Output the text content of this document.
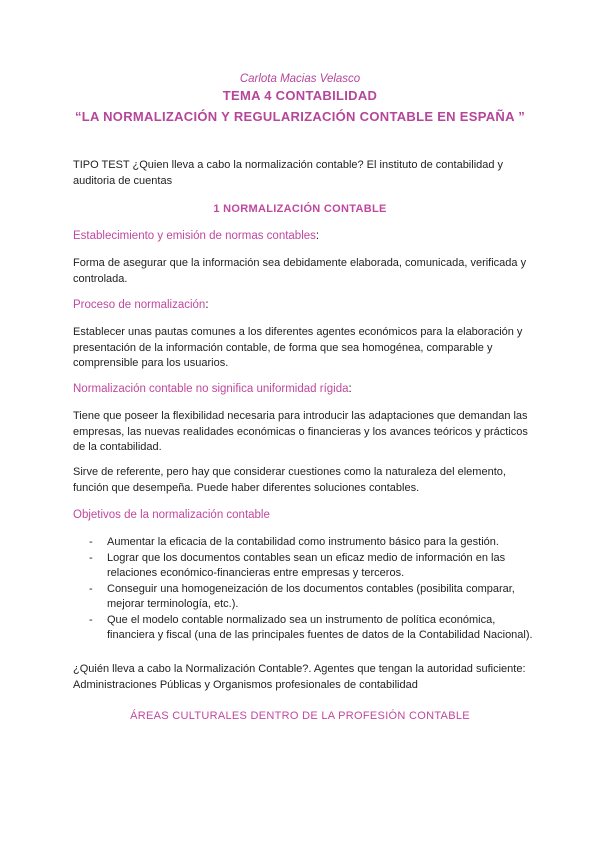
Carlota Macias Velasco
TEMA 4 CONTABILIDAD
“LA NORMALIZACIÓN Y REGULARIZACIÓN CONTABLE EN ESPAÑA ”
TIPO TEST ¿Quien lleva a cabo la normalización contable? El instituto de contabilidad y auditoria de cuentas
1 NORMALIZACIÓN CONTABLE
Establecimiento y emisión de normas contables:
Forma de asegurar que la información sea debidamente elaborada, comunicada, verificada y controlada.
Proceso de normalización:
Establecer unas pautas comunes a los diferentes agentes económicos para la elaboración y presentación de la información contable, de forma que sea homogénea, comparable y comprensible para los usuarios.
Normalización contable no significa uniformidad rígida:
Tiene que poseer la flexibilidad necesaria para introducir las adaptaciones que demandan las empresas, las nuevas realidades económicas o financieras y los avances teóricos y prácticos de la contabilidad.
Sirve de referente, pero hay que considerar cuestiones como la naturaleza del elemento, función que desempeña. Puede haber diferentes soluciones contables.
Objetivos de la normalización contable
- Aumentar la eficacia de la contabilidad como instrumento básico para la gestión.
- Lograr que los documentos contables sean un eficaz medio de información en las relaciones económico-financieras entre empresas y terceros.
- Conseguir una homogeneización de los documentos contables (posibilita comparar, mejorar terminología, etc.).
- Que el modelo contable normalizado sea un instrumento de política económica, financiera y fiscal (una de las principales fuentes de datos de la Contabilidad Nacional).
¿Quién lleva a cabo la Normalización Contable?. Agentes que tengan la autoridad suficiente: Administraciones Públicas y Organismos profesionales de contabilidad
ÁREAS CULTURALES DENTRO DE LA PROFESIÓN CONTABLE
